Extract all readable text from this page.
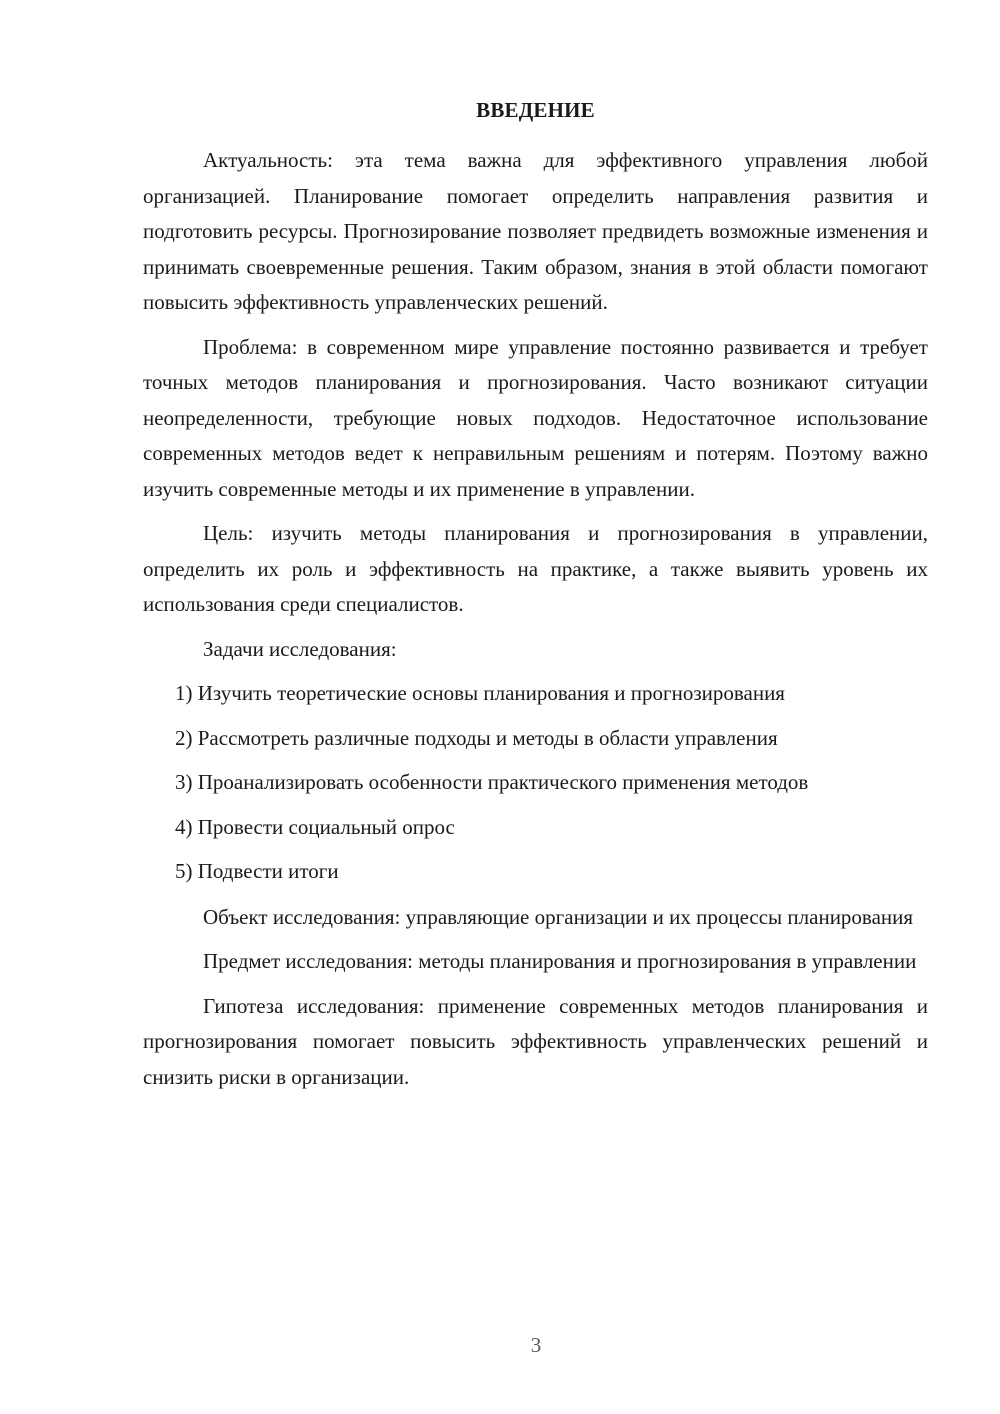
ВВЕДЕНИЕ

Актуальность: эта тема важна для эффективного управления любой организацией. Планирование помогает определить направления развития и подготовить ресурсы. Прогнозирование позволяет предвидеть возможные изменения и принимать своевременные решения. Таким образом, знания в этой области помогают повысить эффективность управленческих решений.

Проблема: в современном мире управление постоянно развивается и требует точных методов планирования и прогнозирования. Часто возникают ситуации неопределенности, требующие новых подходов. Недостаточное использование современных методов ведет к неправильным решениям и потерям. Поэтому важно изучить современные методы и их применение в управлении.

Цель: изучить методы планирования и прогнозирования в управлении, определить их роль и эффективность на практике, а также выявить уровень их использования среди специалистов.

Задачи исследования:

1) Изучить теоретические основы планирования и прогнозирования

2) Рассмотреть различные подходы и методы в области управления

3) Проанализировать особенности практического применения методов

4) Провести социальный опрос

5) Подвести итоги

Объект исследования: управляющие организации и их процессы планирования

Предмет исследования: методы планирования и прогнозирования в управлении

Гипотеза исследования: применение современных методов планирования и прогнозирования помогает повысить эффективность управленческих решений и снизить риски в организации.

3
